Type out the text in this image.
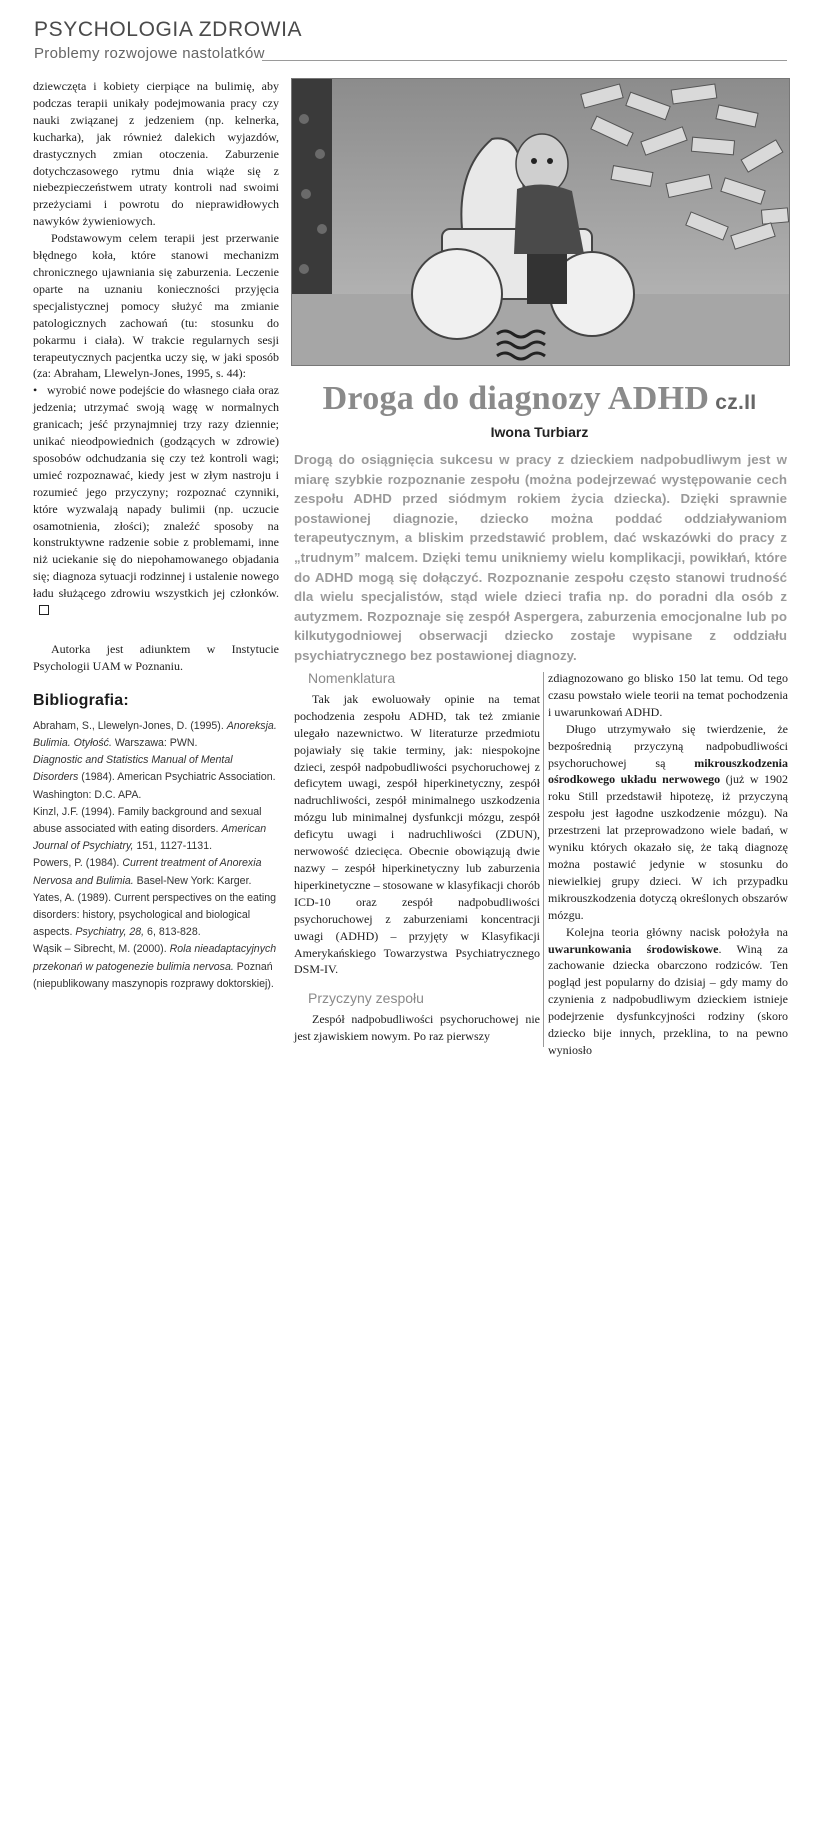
PSYCHOLOGIA ZDROWIA
Problemy rozwojowe nastolatków

dziewczęta i kobiety cierpiące na bulimię, aby podczas terapii unikały podejmowania pracy czy nauki związanej z jedzeniem (np. kelnerka, kucharka), jak również dalekich wyjazdów, drastycznych zmian otoczenia. Zaburzenie dotychczasowego rytmu dnia wiąże się z niebezpieczeństwem utraty kontroli nad swoimi przeżyciami i powrotu do nieprawidłowych nawyków żywieniowych.

Podstawowym celem terapii jest przerwanie błędnego koła, które stanowi mechanizm chronicznego ujawniania się zaburzenia. Leczenie oparte na uznaniu konieczności przyjęcia specjalistycznej pomocy służyć ma zmianie patologicznych zachowań (tu: stosunku do pokarmu i ciała). W trakcie regularnych sesji terapeutycznych pacjentka uczy się, w jaki sposób (za: Abraham, Llewelyn-Jones, 1995, s. 44):

• wyrobić nowe podejście do własnego ciała oraz jedzenia; utrzymać swoją wagę w normalnych granicach; jeść przynajmniej trzy razy dziennie; unikać nieodpowiednich (godzących w zdrowie) sposobów odchudzania się czy też kontroli wagi; umieć rozpoznawać, kiedy jest w złym nastroju i rozumieć jego przyczyny; rozpoznać czynniki, które wyzwalają napady bulimii (np. uczucie osamotnienia, złości); znaleźć sposoby na konstruktywne radzenie sobie z problemami, inne niż uciekanie się do niepohamowanego objadania się; diagnoza sytuacji rodzinnej i ustalenie nowego ładu służącego zdrowiu wszystkich jej członków.

Autorka jest adiunktem w Instytucie Psychologii UAM w Poznaniu.

Bibliografia:
Abraham, S., Llewelyn-Jones, D. (1995). Anoreksja. Bulimia. Otyłość. Warszawa: PWN.
Diagnostic and Statistics Manual of Mental Disorders (1984). American Psychiatric Association. Washington: D.C. APA.
Kinzl, J.F. (1994). Family background and sexual abuse associated with eating disorders. American Journal of Psychiatry, 151, 1127-1131.
Powers, P. (1984). Current treatment of Anorexia Nervosa and Bulimia. Basel-New York: Karger.
Yates, A. (1989). Current perspectives on the eating disorders: history, psychological and biological aspects. Psychiatry, 28, 6, 813-828.
Wąsik – Sibrecht, M. (2000). Rola nieadaptacyjnych przekonań w patogenezie bulimia nervosa. Poznań (niepublikowany maszynopis rozprawy doktorskiej).
Droga do diagnozy ADHD cz.II
Iwona Turbiarz
Drogą do osiągnięcia sukcesu w pracy z dzieckiem nadpobudliwym jest w miarę szybkie rozpoznanie zespołu (można podejrzewać występowanie cech zespołu ADHD przed siódmym rokiem życia dziecka). Dzięki sprawnie postawionej diagnozie, dziecko można poddać oddziaływaniom terapeutycznym, a bliskim przedstawić problem, dać wskazówki do pracy z „trudnym” malcem. Dzięki temu unikniemy wielu komplikacji, powikłań, które do ADHD mogą się dołączyć. Rozpoznanie zespołu często stanowi trudność dla wielu specjalistów, stąd wiele dzieci trafia np. do poradni dla osób z autyzmem. Rozpoznaje się zespół Aspergera, zaburzenia emocjonalne lub po kilkutygodniowej obserwacji dziecko zostaje wypisane z oddziału psychiatrycznego bez postawionej diagnozy.
Nomenklatura

Tak jak ewoluowały opinie na temat pochodzenia zespołu ADHD, tak też zmianie ulegało nazewnictwo. W literaturze przedmiotu pojawiały się takie terminy, jak: niespokojne dzieci, zespół nadpobudliwości psychoruchowej z deficytem uwagi, zespół hiperkinetyczny, zespół nadruchliwości, zespół minimalnego uszkodzenia mózgu lub minimalnej dysfunkcji mózgu, zespół deficytu uwagi i nadruchliwości (ZDUN), nerwowość dziecięca. Obecnie obowiązują dwie nazwy – zespół hiperkinetyczny lub zaburzenia hiperkinetyczne – stosowane w klasyfikacji chorób ICD-10 oraz zespół nadpobudliwości psychoruchowej z zaburzeniami koncentracji uwagi (ADHD) – przyjęty w Klasyfikacji Amerykańskiego Towarzystwa Psychiatrycznego DSM-IV.

Przyczyny zespołu

Zespół nadpobudliwości psychoruchowej nie jest zjawiskiem nowym. Po raz pierwszy

zdiagnozowano go blisko 150 lat temu. Od tego czasu powstało wiele teorii na temat pochodzenia i uwarunkowań ADHD.

Długo utrzymywało się twierdzenie, że bezpośrednią przyczyną nadpobudliwości psychoruchowej są mikrouszkodzenia ośrodkowego układu nerwowego (już w 1902 roku Still przedstawił hipotezę, iż przyczyną zespołu jest łagodne uszkodzenie mózgu). Na przestrzeni lat przeprowadzono wiele badań, w wyniku których okazało się, że taką diagnozę można postawić jedynie w stosunku do niewielkiej grupy dzieci. W ich przypadku mikrouszkodzenia dotyczą określonych obszarów mózgu.

Kolejna teoria główny nacisk położyła na uwarunkowania środowiskowe. Winą za zachowanie dziecka obarczono rodziców. Ten pogląd jest popularny do dzisiaj – gdy mamy do czynienia z nadpobudliwym dzieckiem istnieje podejrzenie dysfunkcyjności rodziny (skoro dziecko bije innych, przeklina, to na pewno wyniosło
